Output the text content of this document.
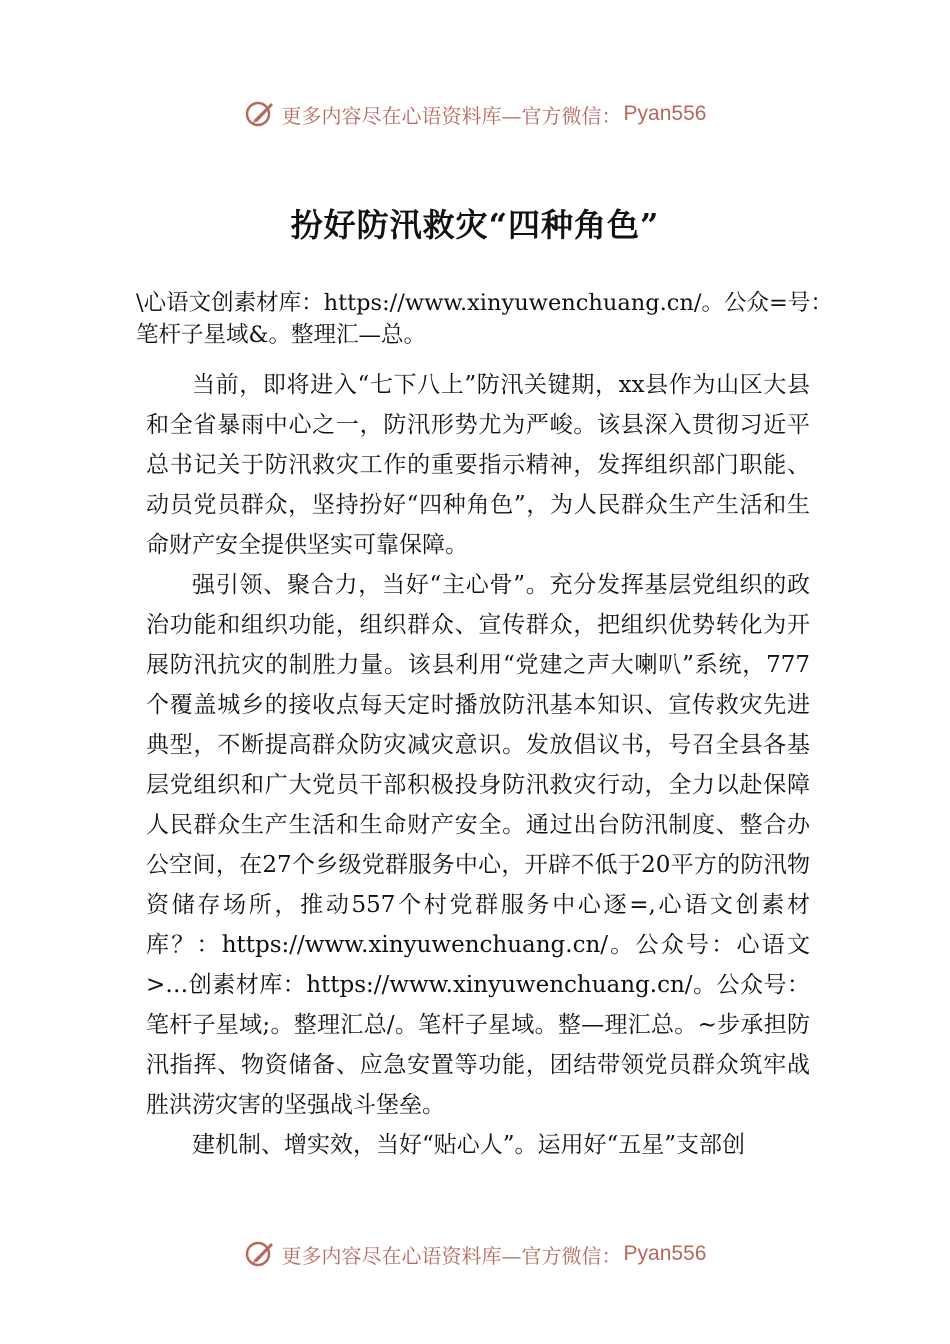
更多内容尽在心语资料库—官方微信： Pyan556
扮好防汛救灾“四种角色”

\心语文创素材库：https://www.xinyuwenchuang.cn/。公众=号：笔杆子星域&。整理汇—总。

当前，即将进入“七下八上”防汛关键期，xx县作为山区大县和全省暴雨中心之一，防汛形势尤为严峻。该县深入贯彻习近平总书记关于防汛救灾工作的重要指示精神，发挥组织部门职能、动员党员群众，坚持扮好“四种角色”，为人民群众生产生活和生命财产安全提供坚实可靠保障。

强引领、聚合力，当好“主心骨”。充分发挥基层党组织的政治功能和组织功能，组织群众、宣传群众，把组织优势转化为开展防汛抗灾的制胜力量。该县利用“党建之声大喇叭”系统，777个覆盖城乡的接收点每天定时播放防汛基本知识、宣传救灾先进典型，不断提高群众防灾减灾意识。发放倡议书，号召全县各基层党组织和广大党员干部积极投身防汛救灾行动，全力以赴保障人民群众生产生活和生命财产安全。通过出台防汛制度、整合办公空间，在27个乡级党群服务中心，开辟不低于20平方的防汛物资储存场所，推动557个村党群服务中心逐=,心语文创素材库？：https://www.xinyuwenchuang.cn/。公众号：心语文>…创素材库：https://www.xinyuwenchuang.cn/。公众号：笔杆子星域;。整理汇总/。笔杆子星域。整—理汇总。~步承担防汛指挥、物资储备、应急安置等功能，团结带领党员群众筑牢战胜洪涝灾害的坚强战斗堡垒。

建机制、增实效，当好“贴心人”。运用好“五星”支部创

更多内容尽在心语资料库—官方微信： Pyan556
